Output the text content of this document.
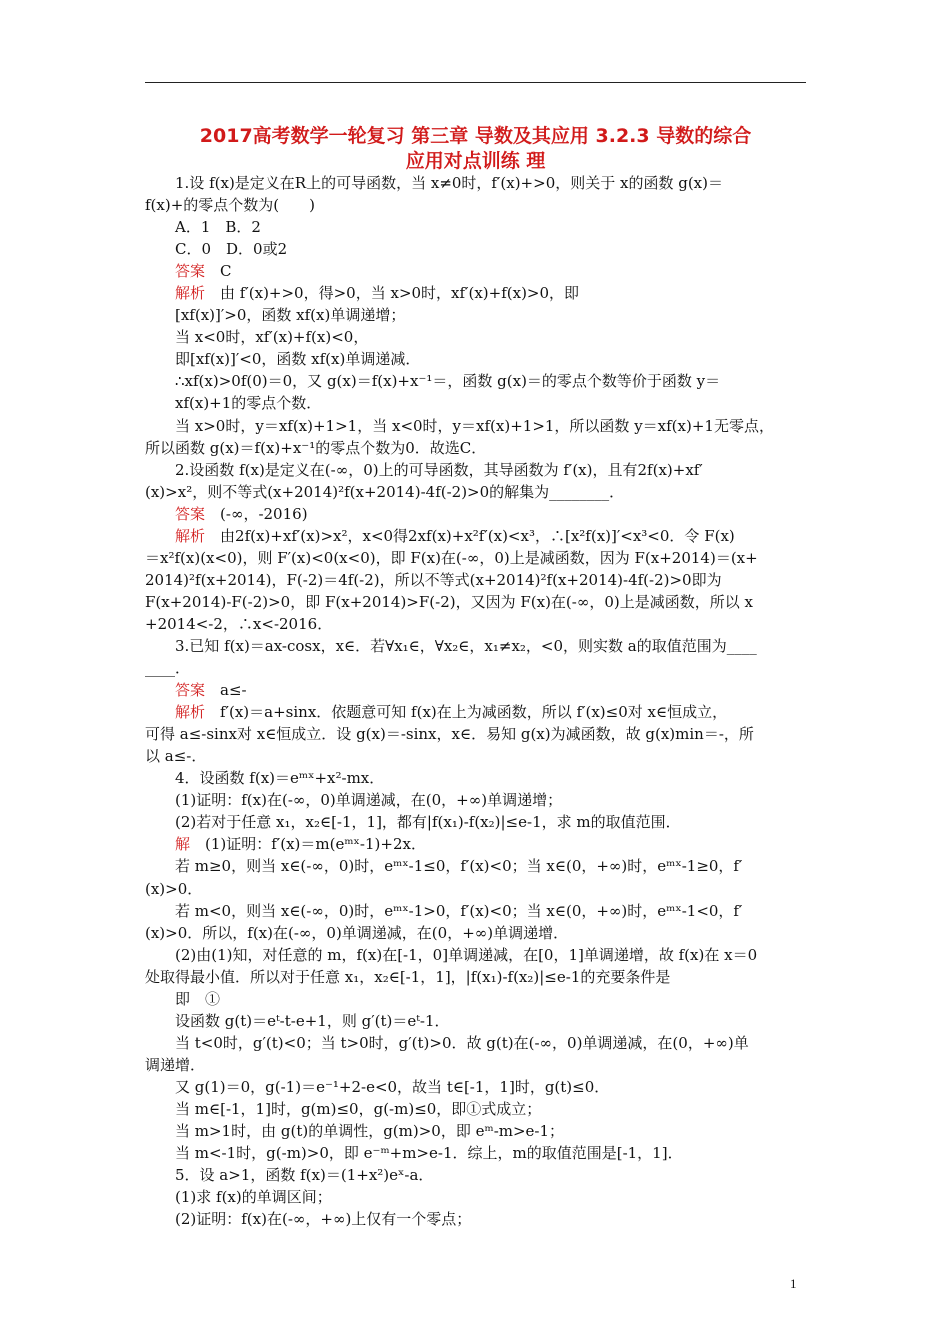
2017高考数学一轮复习 第三章 导数及其应用 3.2.3 导数的综合
应用对点训练 理
1.设 f(x)是定义在R上的可导函数，当 x≠0时，f′(x)+>0，则关于 x的函数 g(x)＝
f(x)+的零点个数为(　　)
A．1　B．2
C．0　D．0或2
答案　 C
解析　 由 f′(x)+>0，得>0，当 x>0时，xf′(x)+f(x)>0，即
[xf(x)]′>0，函数 xf(x)单调递增；
当 x<0时，xf′(x)+f(x)<0，
即[xf(x)]′<0，函数 xf(x)单调递减．
∴xf(x)>0f(0)＝0，又 g(x)＝f(x)+x⁻¹＝，函数 g(x)＝的零点个数等价于函数 y＝
xf(x)+1的零点个数．
当 x>0时，y＝xf(x)+1>1，当 x<0时，y＝xf(x)+1>1，所以函数 y＝xf(x)+1无零点，
所以函数 g(x)＝f(x)+x⁻¹的零点个数为0．故选C．
2.设函数 f(x)是定义在(-∞，0)上的可导函数，其导函数为 f′(x)，且有2f(x)+xf′
(x)>x²，则不等式(x+2014)²f(x+2014)-4f(-2)>0的解集为________．
答案　 (-∞，-2016)
解析　 由2f(x)+xf′(x)>x²，x<0得2xf(x)+x²f′(x)<x³，∴[x²f(x)]′<x³<0．令 F(x)
＝x²f(x)(x<0)，则 F′(x)<0(x<0)，即 F(x)在(-∞，0)上是减函数，因为 F(x+2014)＝(x+
2014)²f(x+2014)，F(-2)＝4f(-2)，所以不等式(x+2014)²f(x+2014)-4f(-2)>0即为
F(x+2014)-F(-2)>0，即 F(x+2014)>F(-2)，又因为 F(x)在(-∞，0)上是减函数，所以 x
+2014<-2，∴x<-2016．
3.已知 f(x)＝ax-cosx，x∈．若∀x₁∈，∀x₂∈，x₁≠x₂，<0，则实数 a的取值范围为____
____．
答案　 a≤-
解析　 f′(x)＝a+sinx．依题意可知 f(x)在上为减函数，所以 f′(x)≤0对 x∈恒成立，
可得 a≤-sinx对 x∈恒成立．设 g(x)＝-sinx，x∈．易知 g(x)为减函数，故 g(x)min＝-，所
以 a≤-．
4．设函数 f(x)＝eᵐˣ+x²-mx．
(1)证明：f(x)在(-∞，0)单调递减，在(0，+∞)单调递增；
(2)若对于任意 x₁，x₂∈[-1，1]，都有|f(x₁)-f(x₂)|≤e-1，求 m的取值范围．
解　 (1)证明：f′(x)＝m(eᵐˣ-1)+2x．
若 m≥0，则当 x∈(-∞，0)时，eᵐˣ-1≤0，f′(x)<0；当 x∈(0，+∞)时，eᵐˣ-1≥0，f′
(x)>0．
若 m<0，则当 x∈(-∞，0)时，eᵐˣ-1>0，f′(x)<0；当 x∈(0，+∞)时，eᵐˣ-1<0，f′
(x)>0．所以，f(x)在(-∞，0)单调递减，在(0，+∞)单调递增．
(2)由(1)知，对任意的 m，f(x)在[-1，0]单调递减，在[0，1]单调递增，故 f(x)在 x＝0
处取得最小值．所以对于任意 x₁，x₂∈[-1，1]，|f(x₁)-f(x₂)|≤e-1的充要条件是
即　①
设函数 g(t)＝eᵗ-t-e+1，则 g′(t)＝eᵗ-1．
当 t<0时，g′(t)<0；当 t>0时，g′(t)>0．故 g(t)在(-∞，0)单调递减，在(0，+∞)单
调递增．
又 g(1)＝0，g(-1)＝e⁻¹+2-e<0，故当 t∈[-1，1]时，g(t)≤0．
当 m∈[-1，1]时，g(m)≤0，g(-m)≤0，即①式成立；
当 m>1时，由 g(t)的单调性，g(m)>0，即 eᵐ-m>e-1；
当 m<-1时，g(-m)>0，即 e⁻ᵐ+m>e-1．综上，m的取值范围是[-1，1]．
5．设 a>1，函数 f(x)＝(1+x²)eˣ-a．
(1)求 f(x)的单调区间；
(2)证明：f(x)在(-∞，+∞)上仅有一个零点；
1
